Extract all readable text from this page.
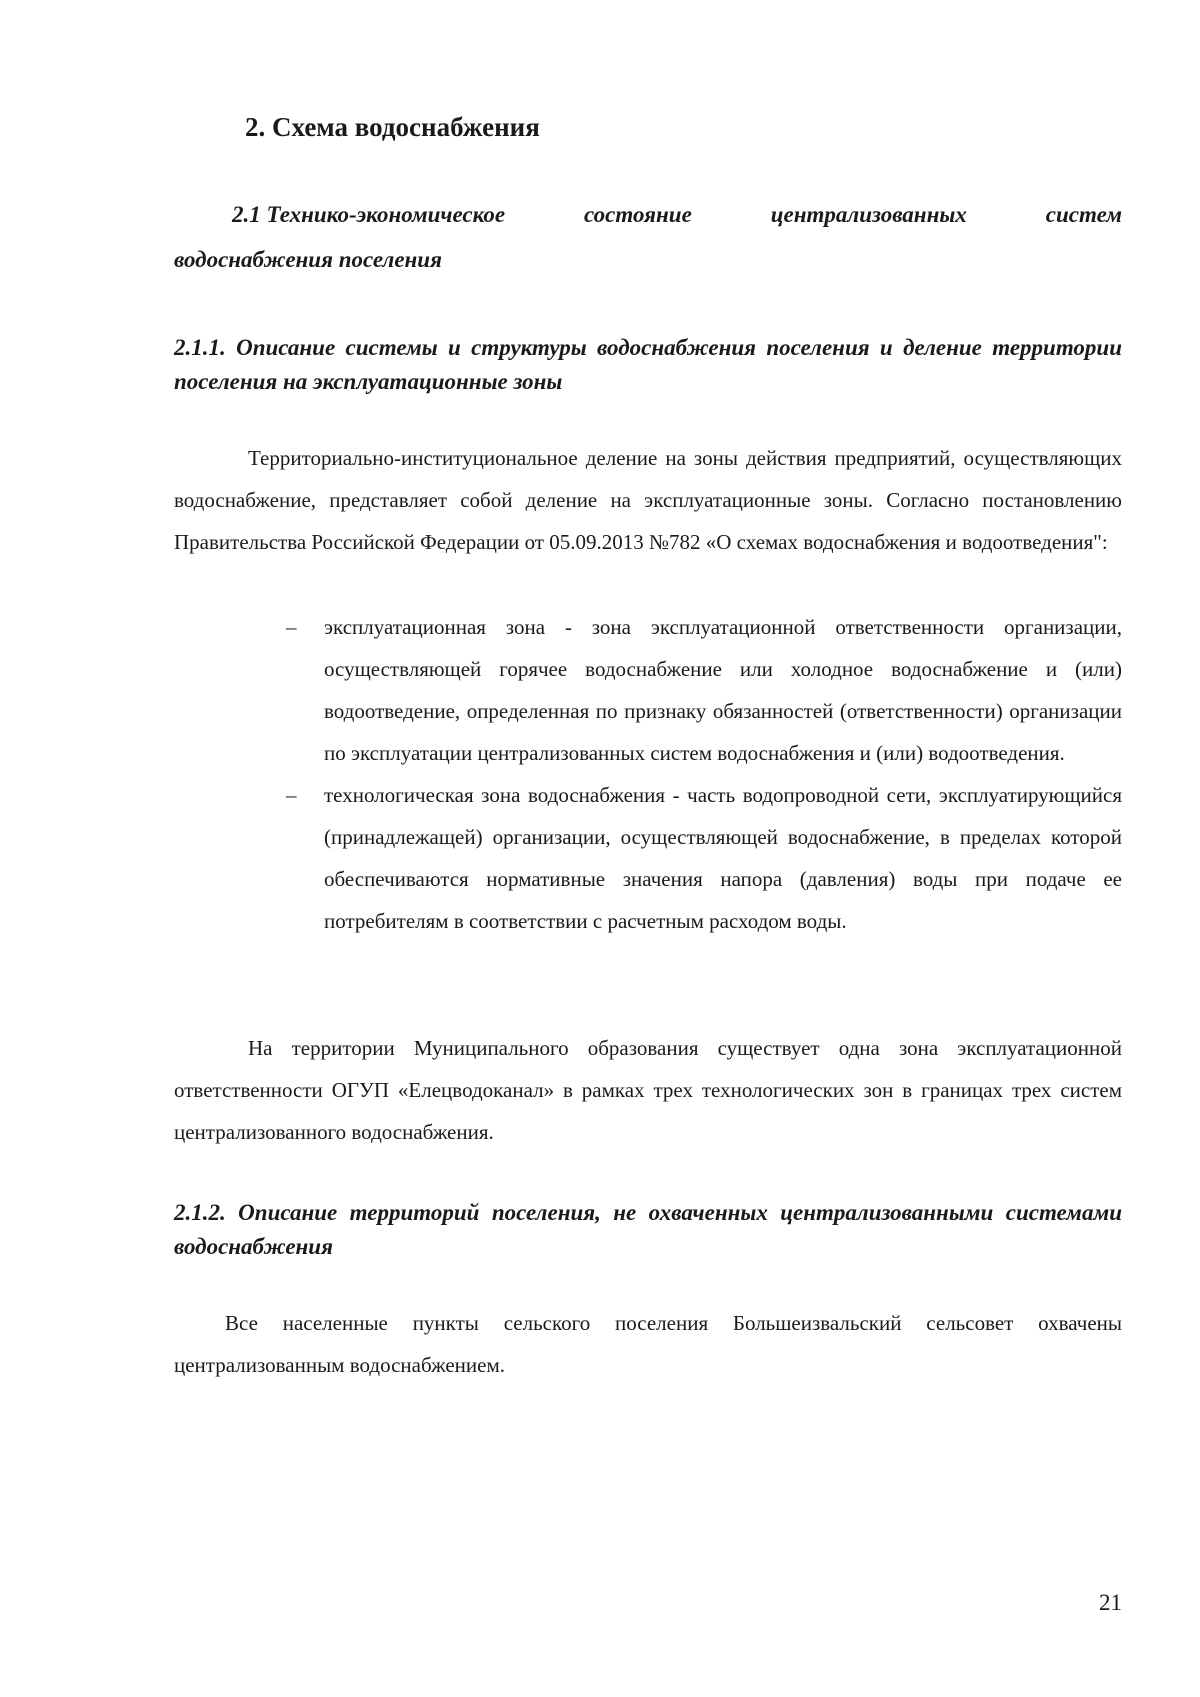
2. Схема водоснабжения
2.1 Технико-экономическое	состояние	централизованных	систем
водоснабжения поселения
2.1.1. Описание системы и структуры водоснабжения поселения и деление территории поселения на эксплуатационные зоны

Территориально-институциональное деление на зоны действия предприятий, осуществляющих водоснабжение, представляет собой деление на эксплуатационные зоны. Согласно постановлению Правительства Российской Федерации от 05.09.2013 №782 «О схемах водоснабжения и водоотведения":

– эксплуатационная зона - зона эксплуатационной ответственности организации, осуществляющей горячее водоснабжение или холодное водоснабжение и (или) водоотведение, определенная по признаку обязанностей (ответственности) организации по эксплуатации централизованных систем водоснабжения и (или) водоотведения.
– технологическая зона водоснабжения - часть водопроводной сети, эксплуатирующийся (принадлежащей) организации, осуществляющей водоснабжение, в пределах которой обеспечиваются нормативные значения напора (давления) воды при подаче ее потребителям в соответствии с расчетным расходом воды.

На территории Муниципального образования существует одна зона эксплуатационной ответственности ОГУП «Елецводоканал» в рамках трех технологических зон в границах трех систем централизованного водоснабжения.

2.1.2. Описание территорий поселения, не охваченных централизованными системами водоснабжения

Все населенные пункты сельского поселения Большеизвальский сельсовет охвачены централизованным водоснабжением.

21
